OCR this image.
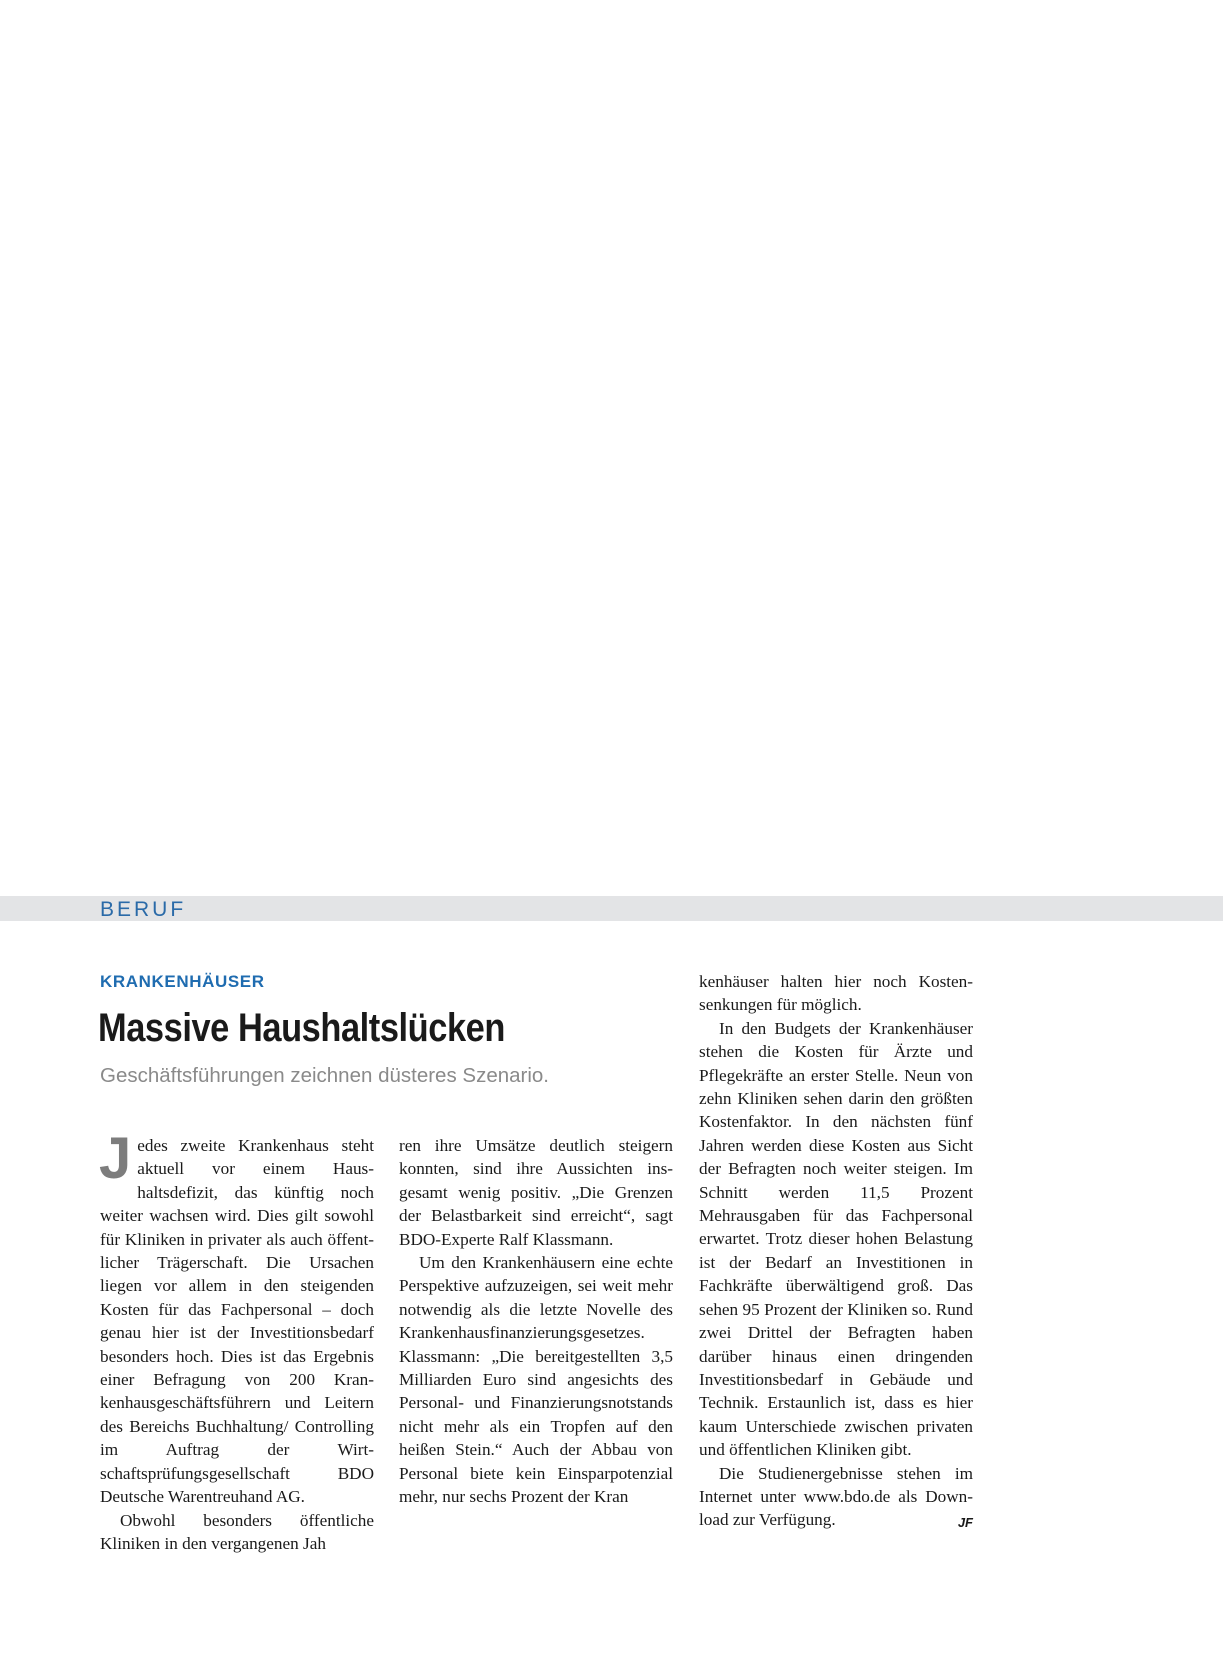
BERUF
KRANKENHÄUSER
Massive Haushaltslücken
Geschäftsführungen zeichnen düsteres Szenario.

Jedes zweite Krankenhaus steht aktuell vor einem Haushaltsdefizit, das künftig noch weiter wachsen wird. Dies gilt sowohl für Kliniken in privater als auch öffentlicher Trägerschaft. Die Ursachen liegen vor allem in den steigenden Kosten für das Fachpersonal – doch genau hier ist der Investitionsbedarf besonders hoch. Dies ist das Ergebnis einer Befragung von 200 Krankenhausgeschäftsführern und Leitern des Bereichs Buchhaltung/ Controlling im Auftrag der Wirtschaftsprüfungsgesellschaft BDO Deutsche Warentreuhand AG.

Obwohl besonders öffentliche Kliniken in den vergangenen Jah

ren ihre Umsätze deutlich steigern konnten, sind ihre Aussichten insgesamt wenig positiv. „Die Grenzen der Belastbarkeit sind erreicht“, sagt BDO-Experte Ralf Klassmann.

Um den Krankenhäusern eine echte Perspektive aufzuzeigen, sei weit mehr notwendig als die letzte Novelle des Krankenhausfinanzierungsgesetzes. Klassmann: „Die bereitgestellten 3,5 Milliarden Euro sind angesichts des Personal- und Finanzierungsnotstands nicht mehr als ein Tropfen auf den heißen Stein.“ Auch der Abbau von Personal biete kein Einsparpotenzial mehr, nur sechs Prozent der Kran

kenhäuser halten hier noch Kostensenkungen für möglich.

In den Budgets der Krankenhäuser stehen die Kosten für Ärzte und Pflegekräfte an erster Stelle. Neun von zehn Kliniken sehen darin den größten Kostenfaktor. In den nächsten fünf Jahren werden diese Kosten aus Sicht der Befragten noch weiter steigen. Im Schnitt werden 11,5 Prozent Mehrausgaben für das Fachpersonal erwartet. Trotz dieser hohen Belastung ist der Bedarf an Investitionen in Fachkräfte überwältigend groß. Das sehen 95 Prozent der Kliniken so. Rund zwei Drittel der Befragten haben darüber hinaus einen dringenden Investitionsbedarf in Gebäude und Technik. Erstaunlich ist, dass es hier kaum Unterschiede zwischen privaten und öffentlichen Kliniken gibt.

Die Studienergebnisse stehen im Internet unter www.bdo.de als Download zur Verfügung.	JF
